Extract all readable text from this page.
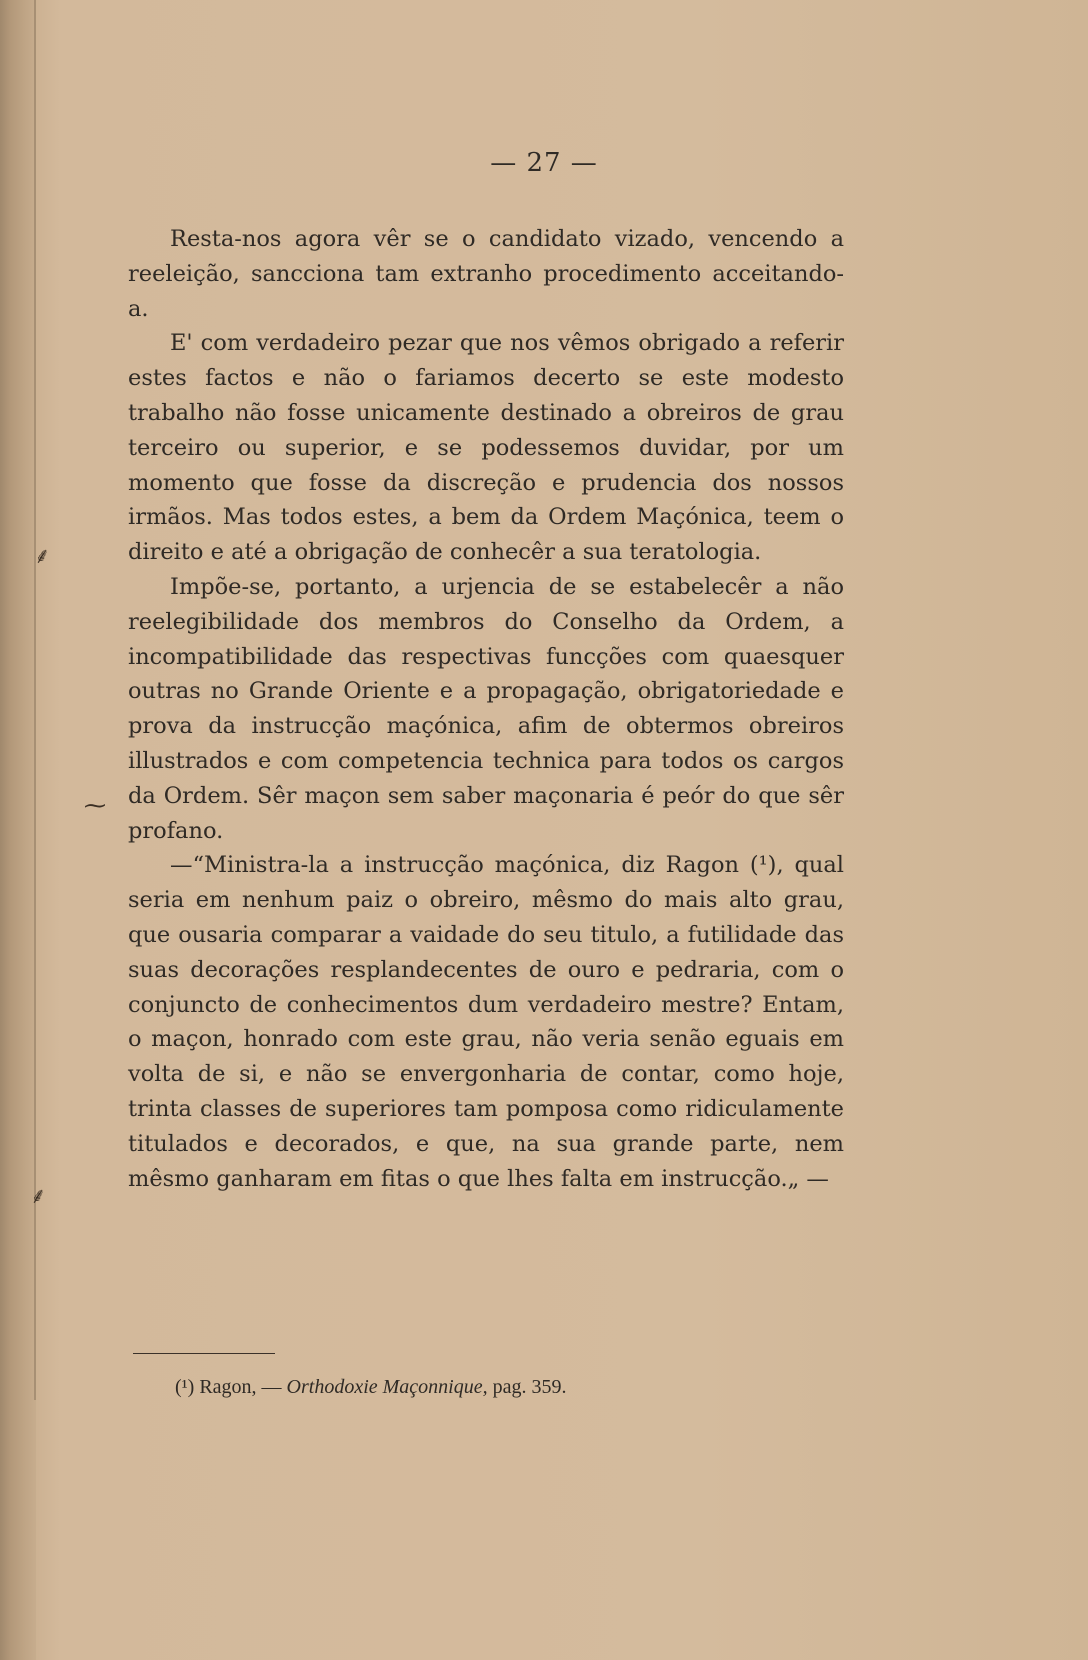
⸙
⁓
⸙
— 27 —

Resta-nos agora vêr se o candidato vizado, vencendo a reeleição, sancciona tam extranho procedimento acceitando-a.

E' com verdadeiro pezar que nos vêmos obrigado a referir estes factos e não o fariamos decerto se este modesto trabalho não fosse unicamente destinado a obreiros de grau terceiro ou superior, e se podessemos duvidar, por um momento que fosse da discreção e prudencia dos nossos irmãos. Mas todos estes, a bem da Ordem Maçónica, teem o direito e até a obrigação de conhecêr a sua teratologia.

Impõe-se, portanto, a urjencia de se estabelecêr a não reelegibilidade dos membros do Conselho da Ordem, a incompatibilidade das respectivas funcções com quaesquer outras no Grande Oriente e a propagação, obrigatoriedade e prova da instrucção maçónica, afim de obtermos obreiros illustrados e com competencia technica para todos os cargos da Ordem. Sêr maçon sem saber maçonaria é peór do que sêr profano.

—“Ministra-la a instrucção maçónica, diz Ragon (¹), qual seria em nenhum paiz o obreiro, mêsmo do mais alto grau, que ousaria comparar a vaidade do seu titulo, a futilidade das suas decorações resplandecentes de ouro e pedraria, com o conjuncto de conhecimentos dum verdadeiro mestre? Entam, o maçon, honrado com este grau, não veria senão eguais em volta de si, e não se envergonharia de contar, como hoje, trinta classes de superiores tam pomposa como ridiculamente titulados e decorados, e que, na sua grande parte, nem mêsmo ganharam em fitas o que lhes falta em instrucção.„ —

(¹) Ragon, — Orthodoxie Maçonnique, pag. 359.
